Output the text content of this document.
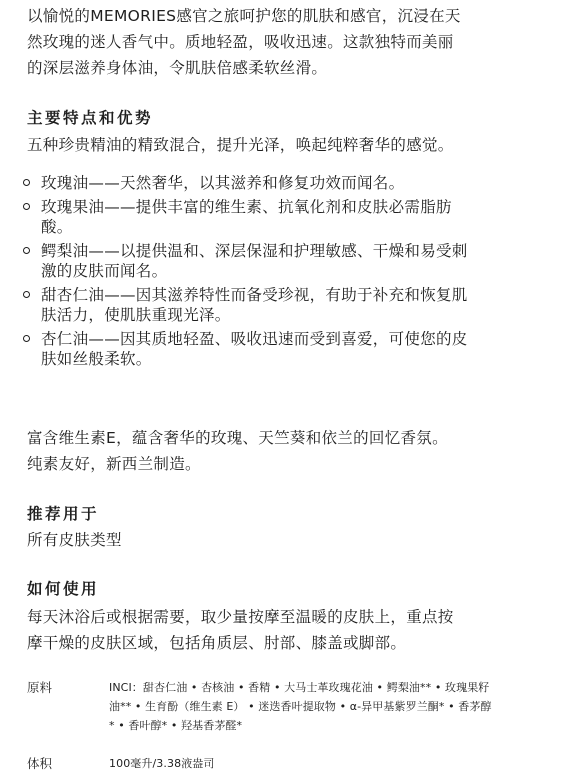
以愉悦的MEMORIES感官之旅呵护您的肌肤和感官，沉浸在天
然玫瑰的迷人香气中。质地轻盈，吸收迅速。这款独特而美丽
的深层滋养身体油，令肌肤倍感柔软丝滑。
主要特点和优势
五种珍贵精油的精致混合，提升光泽，唤起纯粹奢华的感觉。
玫瑰油——天然奢华，以其滋养和修复功效而闻名。
玫瑰果油——提供丰富的维生素、抗氧化剂和皮肤必需脂肪
酸。
鳄梨油——以提供温和、深层保湿和护理敏感、干燥和易受刺
激的皮肤而闻名。
甜杏仁油——因其滋养特性而备受珍视，有助于补充和恢复肌
肤活力，使肌肤重现光泽。
杏仁油——因其质地轻盈、吸收迅速而受到喜爱，可使您的皮
肤如丝般柔软。
富含维生素E，蕴含奢华的玫瑰、天竺葵和依兰的回忆香氛。
纯素友好，新西兰制造。
推荐用于
所有皮肤类型
如何使用
每天沐浴后或根据需要，取少量按摩至温暖的皮肤上，重点按
摩干燥的皮肤区域，包括角质层、肘部、膝盖或脚部。
原料	INCI：甜杏仁油 • 杏核油 • 香精 • 大马士革玫瑰花油 • 鳄梨油** • 玫瑰果籽
油** • 生育酚（维生素 E） • 迷迭香叶提取物 • α-异甲基紫罗兰酮* • 香茅醇
* • 香叶醇* • 羟基香茅醛*
体积	100毫升/3.38液盎司
